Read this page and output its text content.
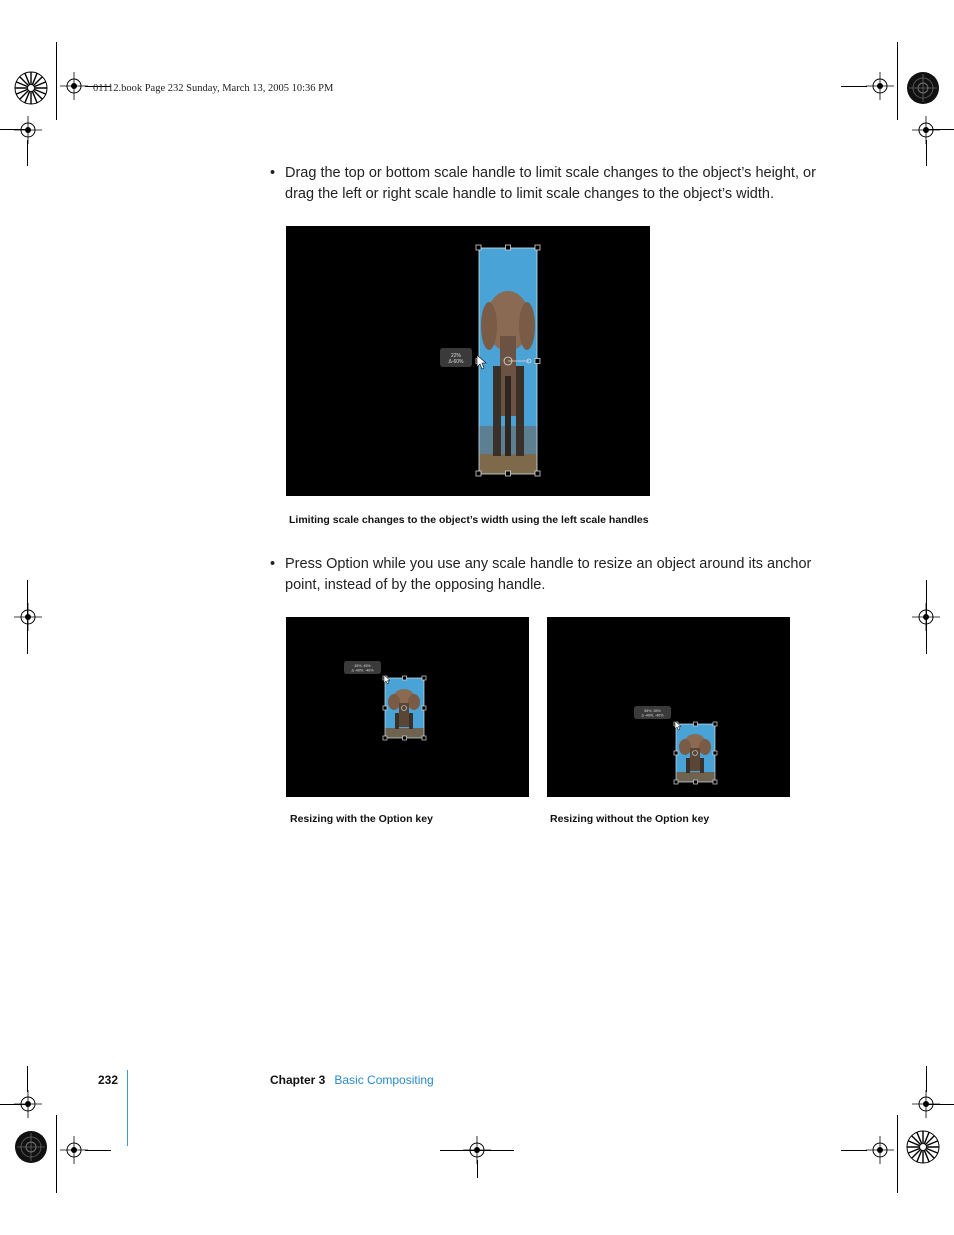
01112.book Page 232 Sunday, March 13, 2005 10:36 PM
• Drag the top or bottom scale handle to limit scale changes to the object’s height, or drag the left or right scale handle to limit scale changes to the object’s width.
22%
Δ-60%
Limiting scale changes to the object’s width using the left scale handles
• Press Option while you use any scale handle to resize an object around its anchor point, instead of by the opposing handle.
45%, 45%
Δ -40%, -40%
55%, 55%
Δ -40%, -40%
Resizing with the Option key	Resizing without the Option key
232	Chapter 3 Basic Compositing
